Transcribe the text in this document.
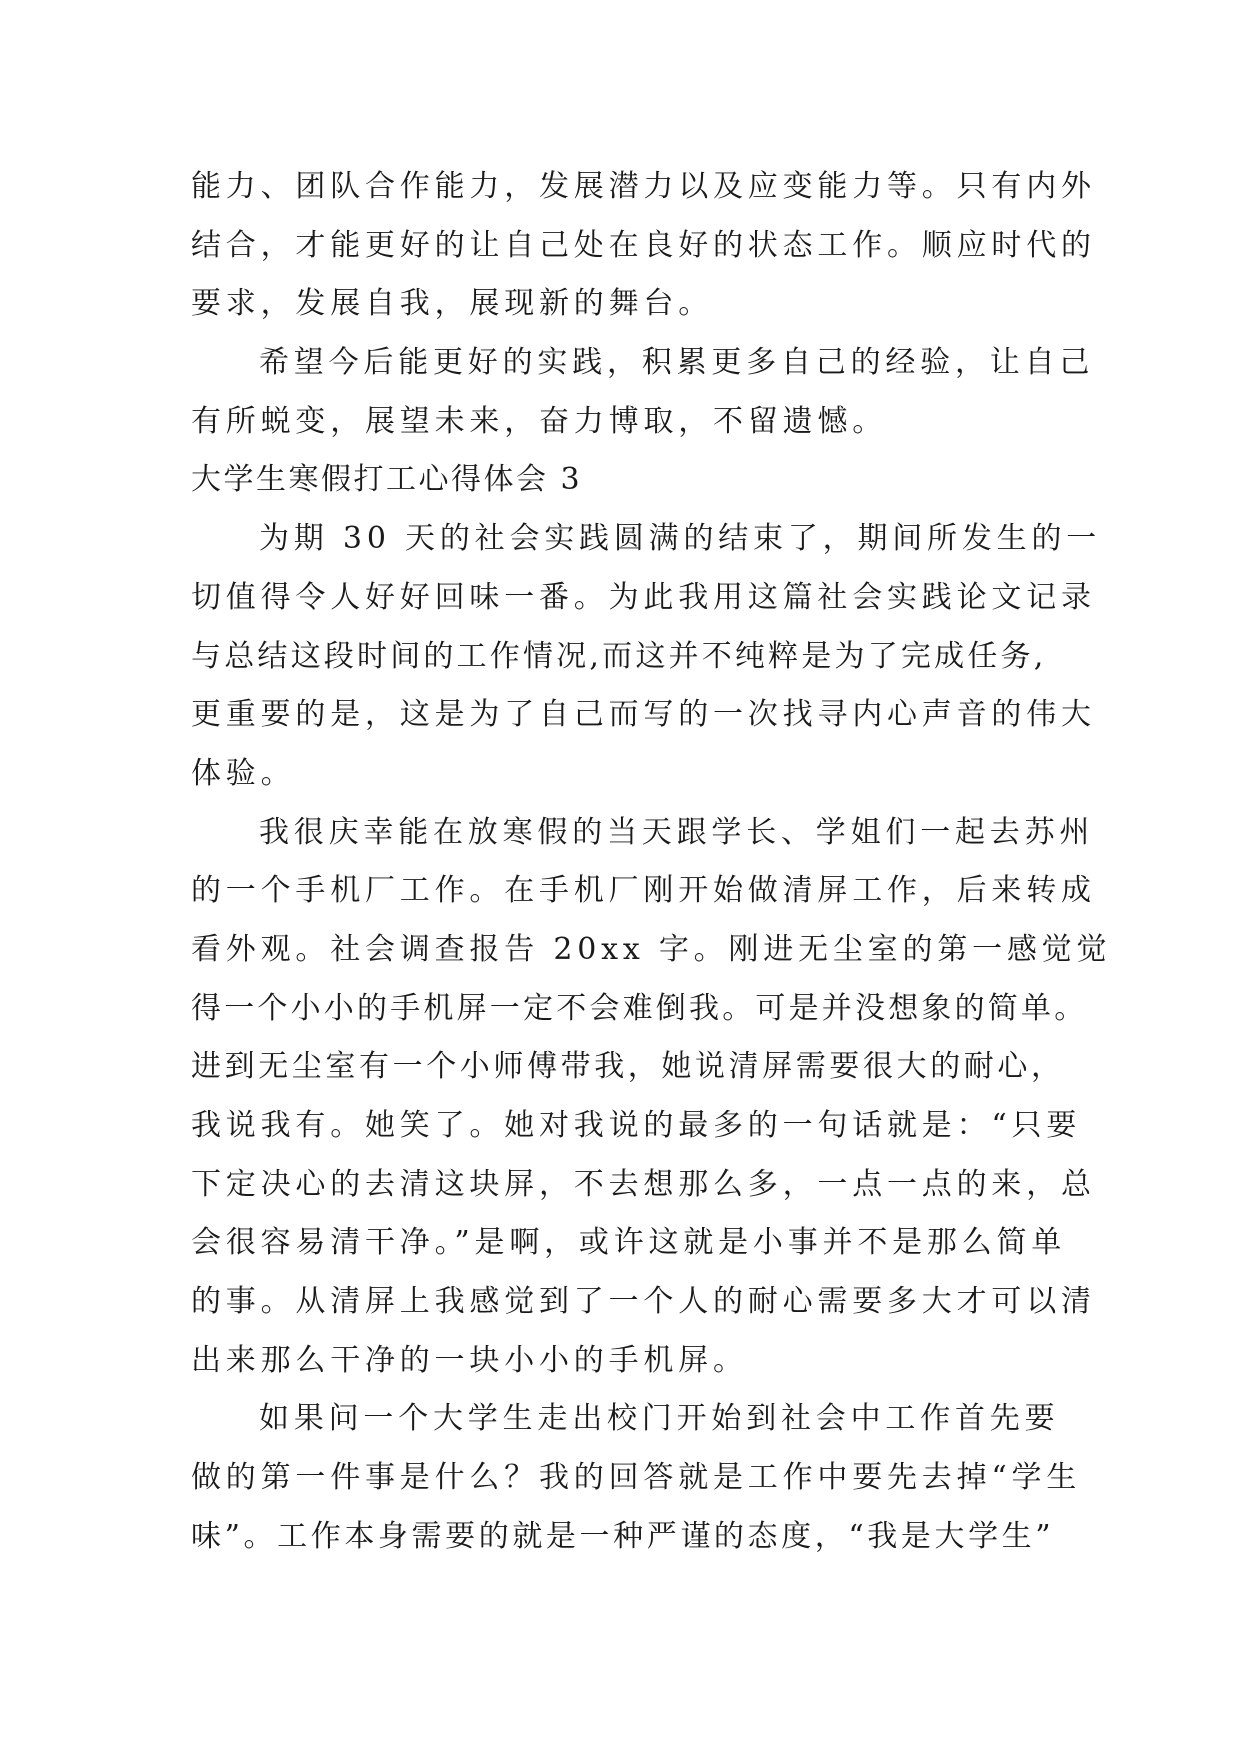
能力、团队合作能力，发展潜力以及应变能力等。只有内外
结合，才能更好的让自己处在良好的状态工作。顺应时代的
要求，发展自我，展现新的舞台。
希望今后能更好的实践，积累更多自己的经验，让自己
有所蜕变，展望未来，奋力博取，不留遗憾。
大学生寒假打工心得体会 3
为期 30 天的社会实践圆满的结束了，期间所发生的一
切值得令人好好回味一番。为此我用这篇社会实践论文记录
与总结这段时间的工作情况,而这并不纯粹是为了完成任务,
更重要的是，这是为了自己而写的一次找寻内心声音的伟大
体验。
我很庆幸能在放寒假的当天跟学长、学姐们一起去苏州
的一个手机厂工作。在手机厂刚开始做清屏工作，后来转成
看外观。社会调查报告 20xx 字。刚进无尘室的第一感觉觉
得一个小小的手机屏一定不会难倒我。可是并没想象的简单。
进到无尘室有一个小师傅带我，她说清屏需要很大的耐心，
我说我有。她笑了。她对我说的最多的一句话就是：“只要
下定决心的去清这块屏，不去想那么多，一点一点的来，总
会很容易清干净。”是啊，或许这就是小事并不是那么简单
的事。从清屏上我感觉到了一个人的耐心需要多大才可以清
出来那么干净的一块小小的手机屏。
如果问一个大学生走出校门开始到社会中工作首先要
做的第一件事是什么？我的回答就是工作中要先去掉“学生
味”。工作本身需要的就是一种严谨的态度，“我是大学生”
